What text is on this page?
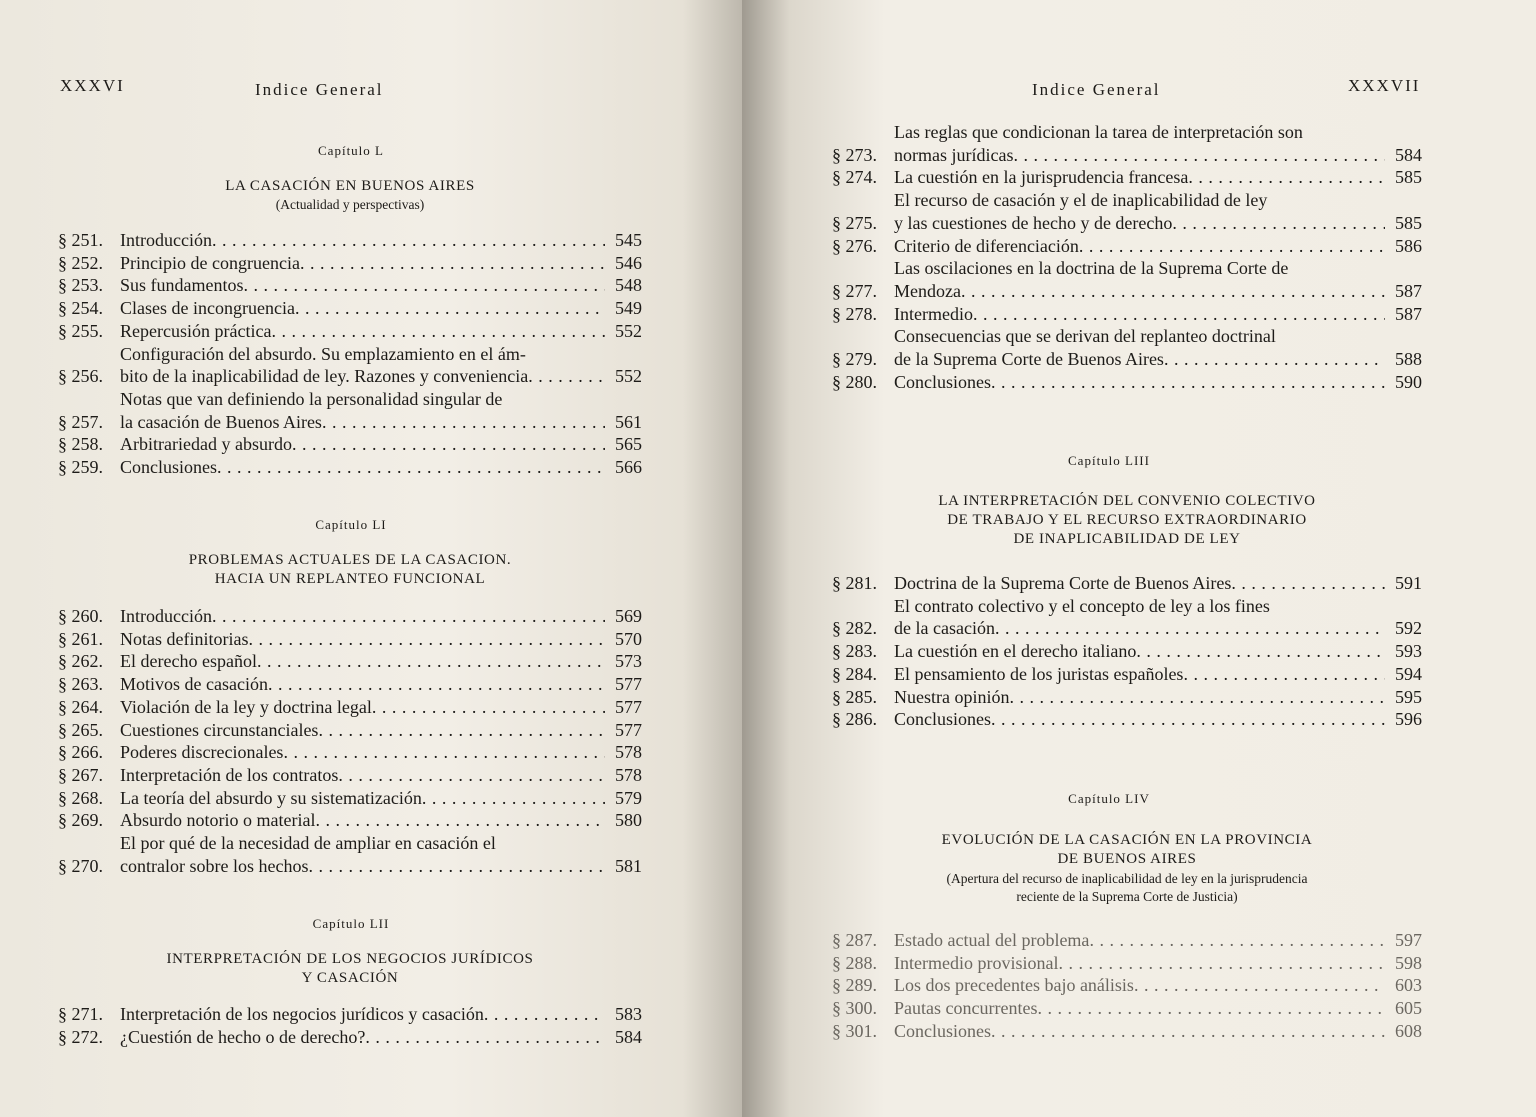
XXXVI	Indice General
Capítulo L
LA CASACIÓN EN BUENOS AIRES
(Actualidad y perspectivas)
§ 251. Introducción . . .	545
§ 252. Principio de congruencia . . .	546
§ 253. Sus fundamentos . . .	548
§ 254. Clases de incongruencia . . .	549
§ 255. Repercusión práctica . . .	552
§ 256.
Configuración del absurdo. Su emplazamiento en el ám-
bito de la inaplicabilidad de ley. Razones y conveniencia . . .	552
§ 257.
Notas que van definiendo la personalidad singular de
la casación de Buenos Aires . . .	561
§ 258. Arbitrariedad y absurdo . . .	565
§ 259. Conclusiones . . .	566
Capítulo LI
PROBLEMAS ACTUALES DE LA CASACION.
HACIA UN REPLANTEO FUNCIONAL
§ 260. Introducción . . .	569
§ 261. Notas definitorias . . .	570
§ 262. El derecho español . . .	573
§ 263. Motivos de casación . . .	577
§ 264. Violación de la ley y doctrina legal . . .	577
§ 265. Cuestiones circunstanciales . . .	577
§ 266. Poderes discrecionales . . .	578
§ 267. Interpretación de los contratos . . .	578
§ 268. La teoría del absurdo y su sistematización . . .	579
§ 269. Absurdo notorio o material . . .	580
§ 270.
El por qué de la necesidad de ampliar en casación el
contralor sobre los hechos . . .	581
Capítulo LII
INTERPRETACIÓN DE LOS NEGOCIOS JURÍDICOS
Y CASACIÓN
§ 271. Interpretación de los negocios jurídicos y casación . . .	583
§ 272. ¿Cuestión de hecho o de derecho? . . .	584
Indice General	XXXVII
§ 273.
Las reglas que condicionan la tarea de interpretación son
normas jurídicas . . .	584
§ 274. La cuestión en la jurisprudencia francesa . . .	585
§ 275.
El recurso de casación y el de inaplicabilidad de ley
y las cuestiones de hecho y de derecho . . .	585
§ 276. Criterio de diferenciación . . .	586
§ 277.
Las oscilaciones en la doctrina de la Suprema Corte de
Mendoza . . .	587
§ 278. Intermedio . . .	587
§ 279.
Consecuencias que se derivan del replanteo doctrinal
de la Suprema Corte de Buenos Aires . . .	588
§ 280. Conclusiones . . .	590
Capítulo LIII
LA INTERPRETACIÓN DEL CONVENIO COLECTIVO
DE TRABAJO Y EL RECURSO EXTRAORDINARIO
DE INAPLICABILIDAD DE LEY
§ 281. Doctrina de la Suprema Corte de Buenos Aires . . .	591
§ 282.
El contrato colectivo y el concepto de ley a los fines
de la casación . . .	592
§ 283. La cuestión en el derecho italiano . . .	593
§ 284. El pensamiento de los juristas españoles . . .	594
§ 285. Nuestra opinión . . .	595
§ 286. Conclusiones . . .	596
Capítulo LIV
EVOLUCIÓN DE LA CASACIÓN EN LA PROVINCIA
DE BUENOS AIRES
(Apertura del recurso de inaplicabilidad de ley en la jurisprudencia
reciente de la Suprema Corte de Justicia)
§ 287. Estado actual del problema . . .	597
§ 288. Intermedio provisional . . .	598
§ 289. Los dos precedentes bajo análisis . . .	603
§ 300. Pautas concurrentes . . .	605
§ 301. Conclusiones . . .	608
